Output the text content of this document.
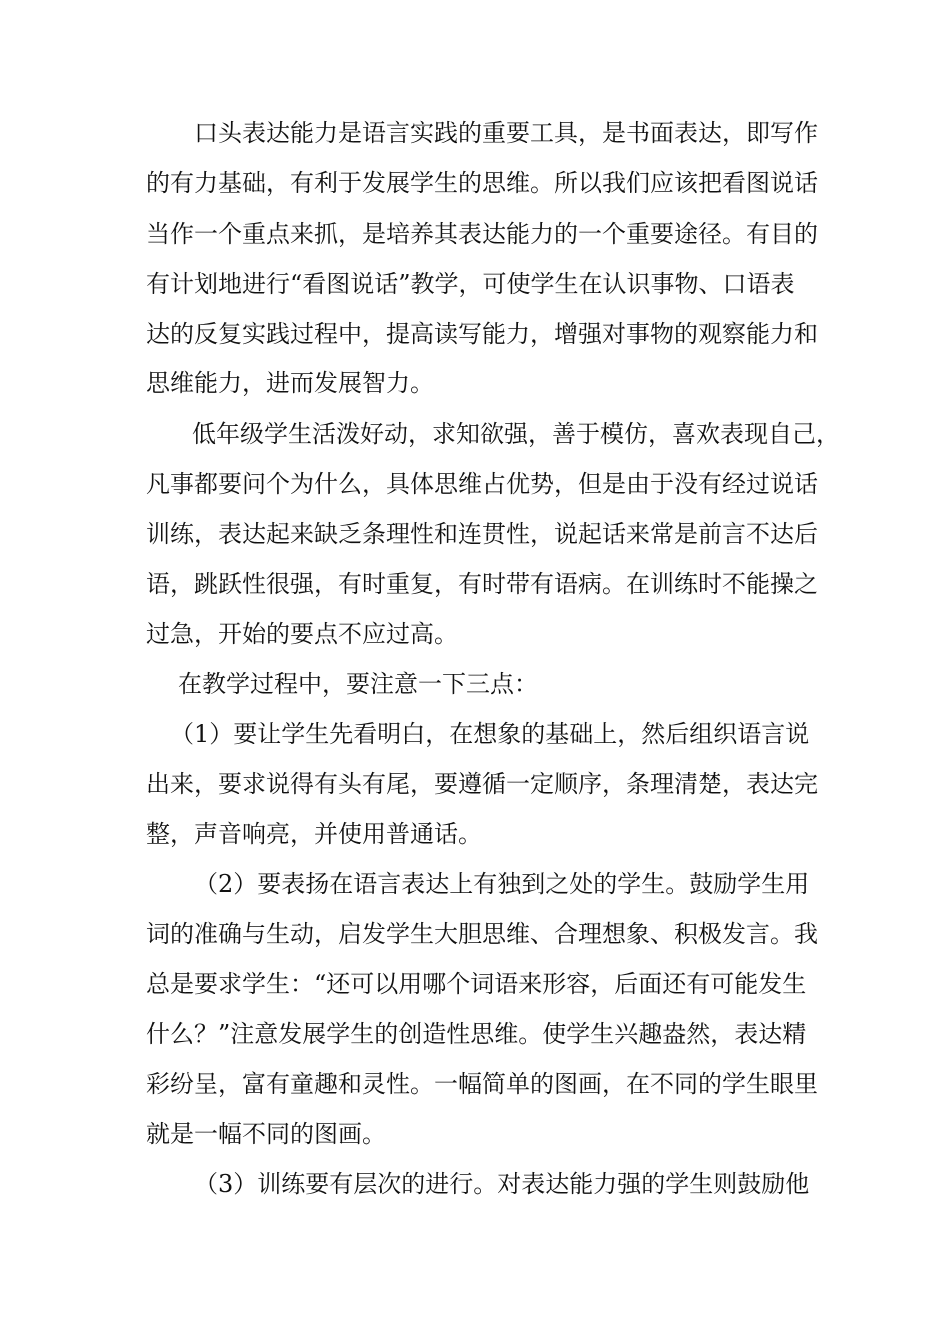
口头表达能力是语言实践的重要工具，是书面表达，即写作
的有力基础，有利于发展学生的思维。所以我们应该把看图说话
当作一个重点来抓，是培养其表达能力的一个重要途径。有目的
有计划地进行“看图说话”教学，可使学生在认识事物、口语表
达的反复实践过程中，提高读写能力，增强对事物的观察能力和
思维能力，进而发展智力。
低年级学生活泼好动，求知欲强，善于模仿，喜欢表现自己，
凡事都要问个为什么，具体思维占优势，但是由于没有经过说话
训练，表达起来缺乏条理性和连贯性，说起话来常是前言不达后
语，跳跃性很强，有时重复，有时带有语病。在训练时不能操之
过急，开始的要点不应过高。
在教学过程中，要注意一下三点：
（1）要让学生先看明白，在想象的基础上，然后组织语言说
出来，要求说得有头有尾，要遵循一定顺序，条理清楚，表达完
整，声音响亮，并使用普通话。
（2）要表扬在语言表达上有独到之处的学生。鼓励学生用
词的准确与生动，启发学生大胆思维、合理想象、积极发言。我
总是要求学生：“还可以用哪个词语来形容，后面还有可能发生
什么？”注意发展学生的创造性思维。使学生兴趣盎然，表达精
彩纷呈，富有童趣和灵性。一幅简单的图画，在不同的学生眼里
就是一幅不同的图画。
（3）训练要有层次的进行。对表达能力强的学生则鼓励他
